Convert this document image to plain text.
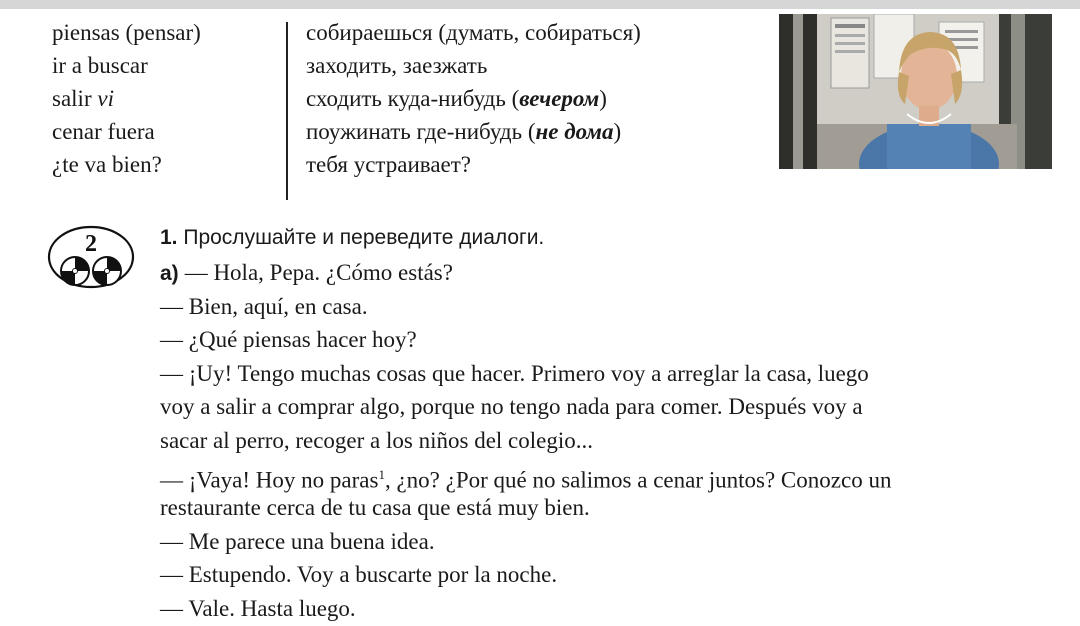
piensas (pensar)
ir a buscar
salir vi
cenar fuera
¿te va bien?
собираешься (думать, собираться)
заходить, заезжать
сходить куда-нибудь (вечером)
поужинать где-нибудь (не дома)
тебя устраивает?
2	1. Прослушайте и переведите диалоги.
а) — Hola, Pepa. ¿Cómo estás?
— Bien, aquí, en casa.
— ¿Qué piensas hacer hoy?
— ¡Uy! Tengo muchas cosas que hacer. Primero voy a arreglar la casa, luego
voy a salir a comprar algo, porque no tengo nada para comer. Después voy a
sacar al perro, recoger a los niños del colegio...
— ¡Vaya! Hoy no paras$^1$, ¿no? ¿Por qué no salimos a cenar juntos? Conozco un
restaurante cerca de tu casa que está muy bien.
— Me parece una buena idea.
— Estupendo. Voy a buscarte por la noche.
— Vale. Hasta luego.
